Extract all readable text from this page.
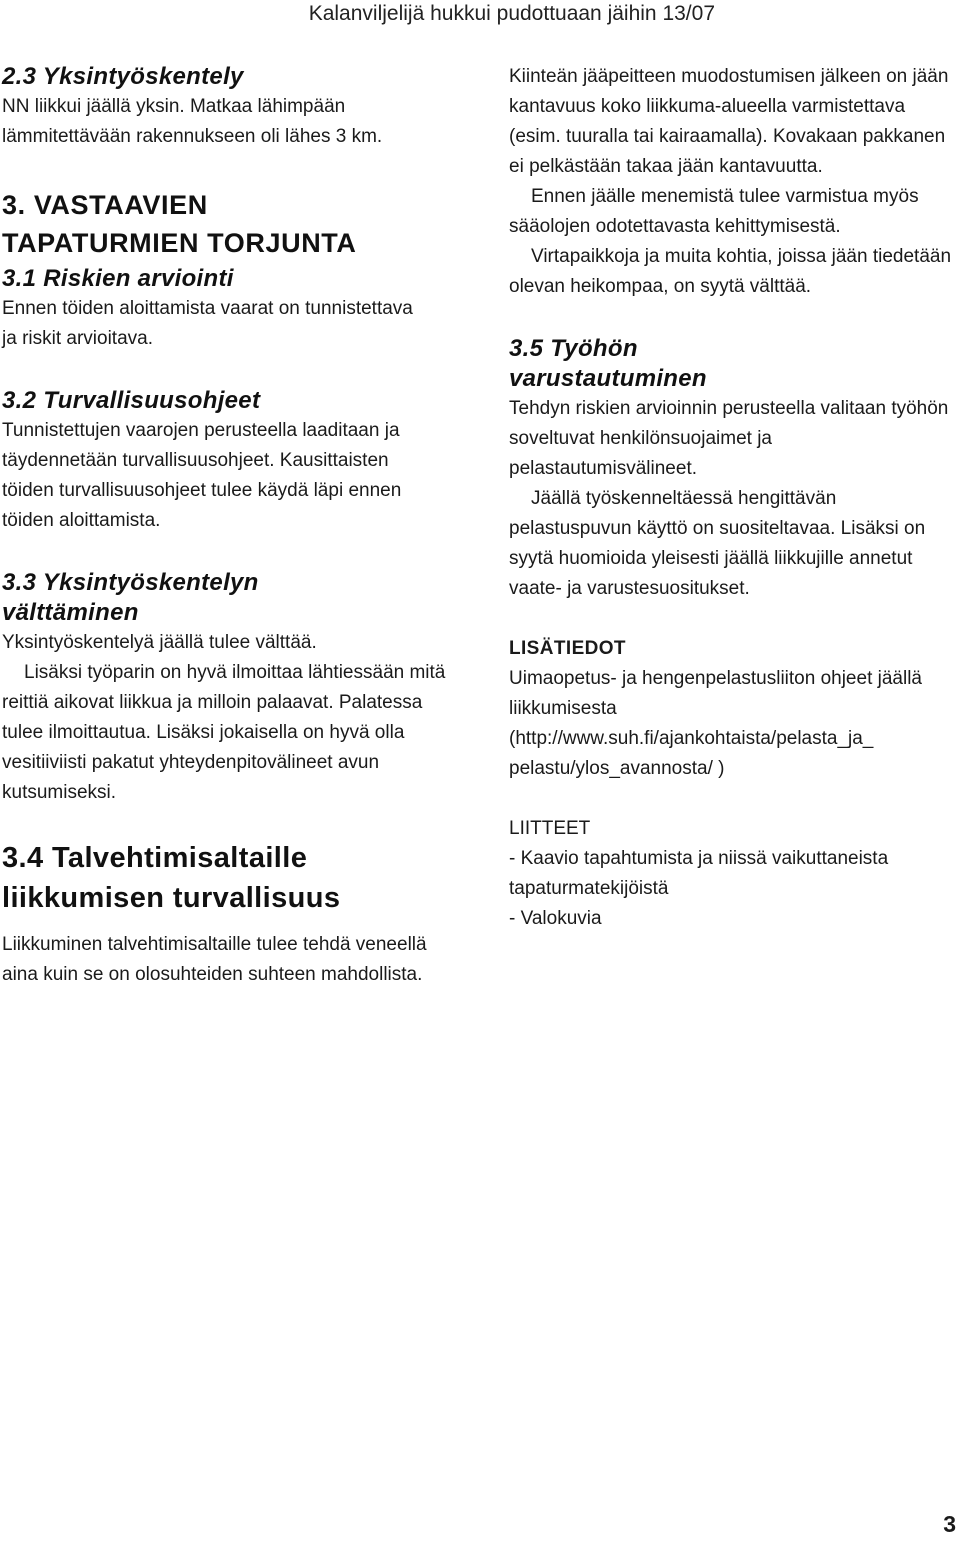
Kalanviljelijä hukkui pudottuaan jäihin 13/07
2.3 Yksintyöskentely

NN liikkui jäällä yksin. Matkaa lähimpään lämmitettävään rakennukseen oli lähes 3 km.

3. VASTAAVIEN
TAPATURMIEN TORJUNTA
3.1 Riskien arviointi

Ennen töiden aloittamista vaarat on tunnistettava ja riskit arvioitava.

3.2 Turvallisuusohjeet

Tunnistettujen vaarojen perusteella laaditaan ja täydennetään turvallisuusohjeet. Kausittaisten töiden turvallisuusohjeet tulee käydä läpi ennen töiden aloittamista.

3.3 Yksintyöskentelyn
välttäminen

Yksintyöskentelyä jäällä tulee välttää.

Lisäksi työparin on hyvä ilmoittaa lähtiessään mitä reittiä aikovat liikkua ja milloin palaavat. Palatessa tulee ilmoittautua. Lisäksi jokaisella on hyvä olla vesitiiviisti pakatut yhteydenpitovälineet avun kutsumiseksi.

3.4 Talvehtimisaltaille
liikkumisen turvallisuus

Liikkuminen talvehtimisaltaille tulee tehdä veneellä aina kuin se on olosuhteiden suhteen mahdollista.

Kiinteän jääpeitteen muodostumisen jälkeen on jään kantavuus koko liikkuma-alueella varmistettava (esim. tuuralla tai kairaamalla). Kovakaan pakkanen ei pelkästään takaa jään kantavuutta.

Ennen jäälle menemistä tulee varmistua myös sääolojen odotettavasta kehittymisestä.

Virtapaikkoja ja muita kohtia, joissa jään tiedetään olevan heikompaa, on syytä välttää.

3.5 Työhön
varustautuminen

Tehdyn riskien arvioinnin perusteella valitaan työhön soveltuvat henkilönsuojaimet ja pelastautumisvälineet.

Jäällä työskenneltäessä hengittävän pelastuspuvun käyttö on suositeltavaa. Lisäksi on syytä huomioida yleisesti jäällä liikkujille annetut vaate- ja varustesuositukset.

LISÄTIEDOT

Uimaopetus- ja hengenpelastusliiton ohjeet jäällä liikkumisesta

(http://www.suh.fi/ajankohtaista/pelasta_ja_ pelastu/ylos_avannosta/ )

LIITTEET

- Kaavio tapahtumista ja niissä vaikuttaneista tapaturmatekijöistä

- Valokuvia

3
